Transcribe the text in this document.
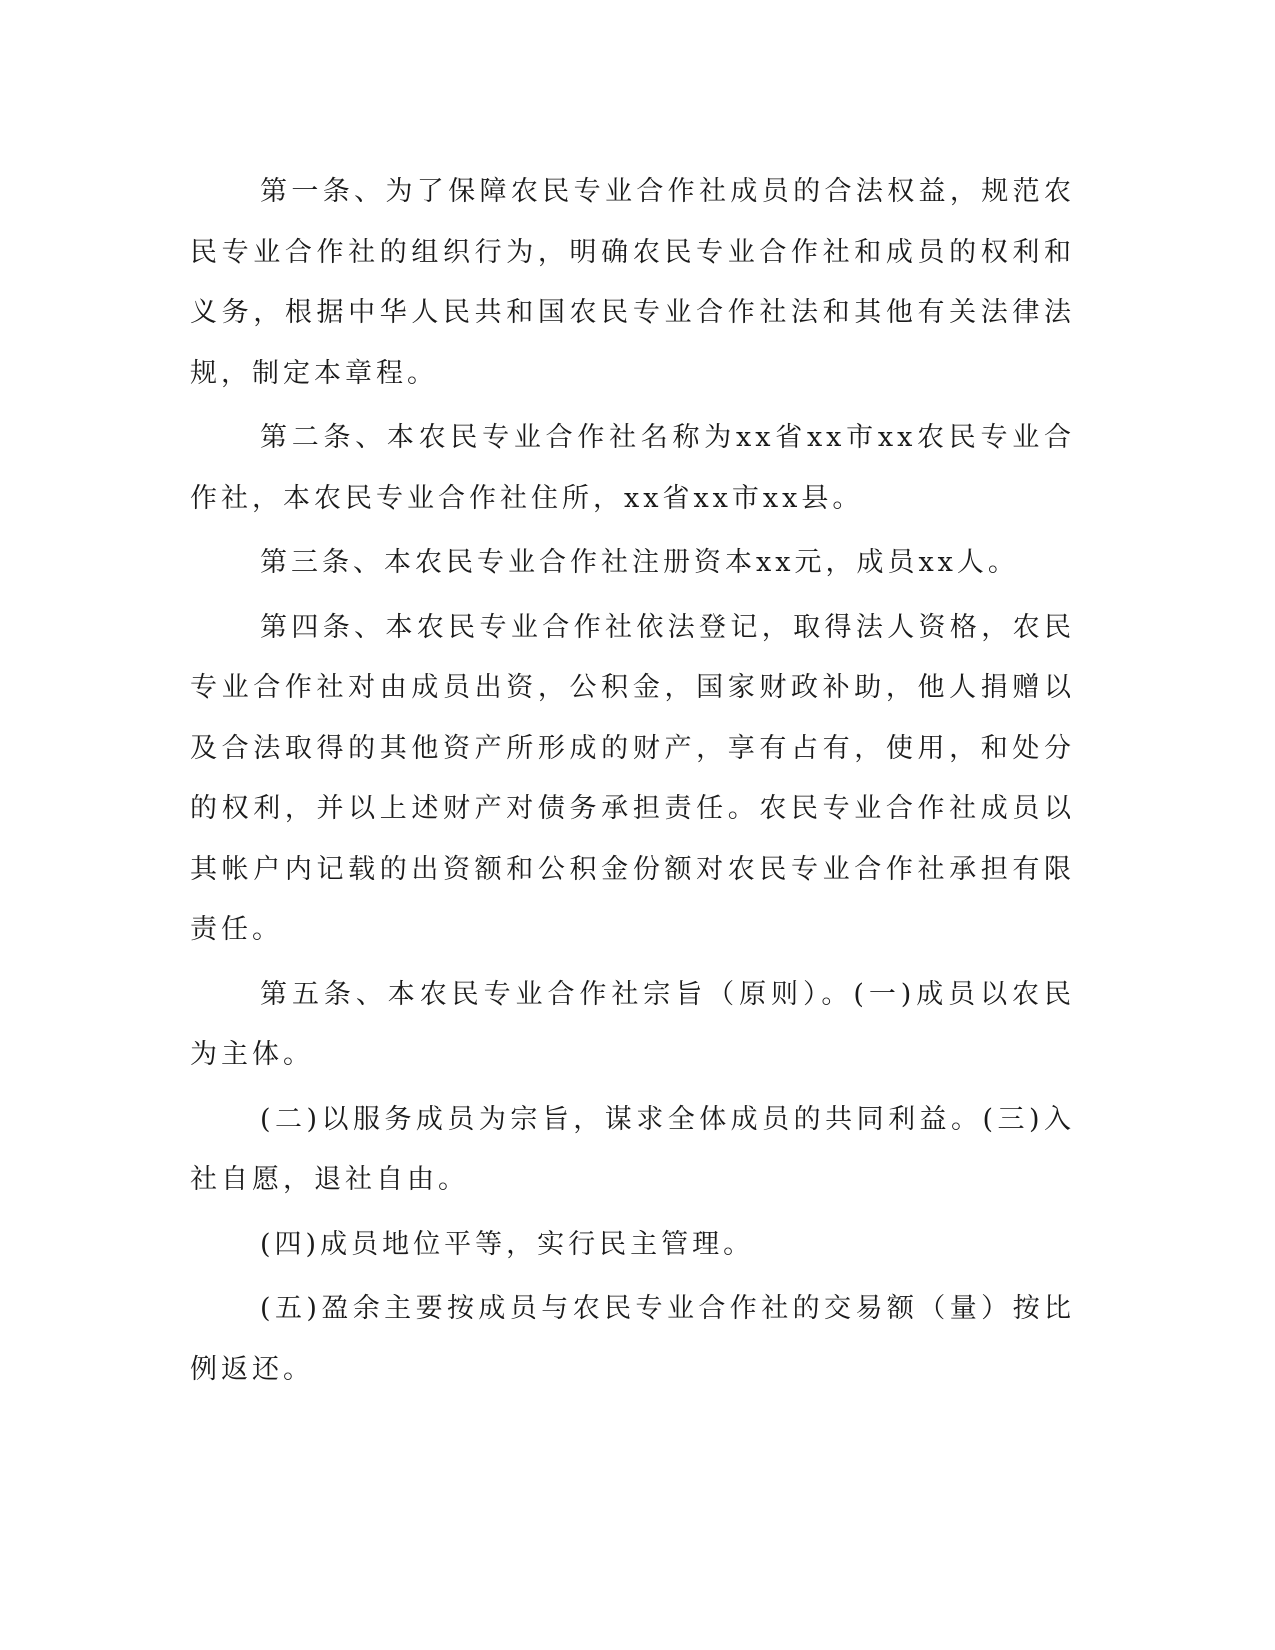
第一条、为了保障农民专业合作社成员的合法权益，规范农民专业合作社的组织行为，明确农民专业合作社和成员的权利和义务，根据中华人民共和国农民专业合作社法和其他有关法律法规，制定本章程。

第二条、本农民专业合作社名称为xx省xx市xx农民专业合作社，本农民专业合作社住所，xx省xx市xx县。

第三条、本农民专业合作社注册资本xx元，成员xx人。

第四条、本农民专业合作社依法登记，取得法人资格，农民专业合作社对由成员出资，公积金，国家财政补助，他人捐赠以及合法取得的其他资产所形成的财产，享有占有，使用，和处分的权利，并以上述财产对债务承担责任。农民专业合作社成员以其帐户内记载的出资额和公积金份额对农民专业合作社承担有限责任。

第五条、本农民专业合作社宗旨（原则）。(一)成员以农民为主体。

(二)以服务成员为宗旨，谋求全体成员的共同利益。(三)入社自愿，退社自由。

(四)成员地位平等，实行民主管理。

(五)盈余主要按成员与农民专业合作社的交易额（量）按比例返还。
